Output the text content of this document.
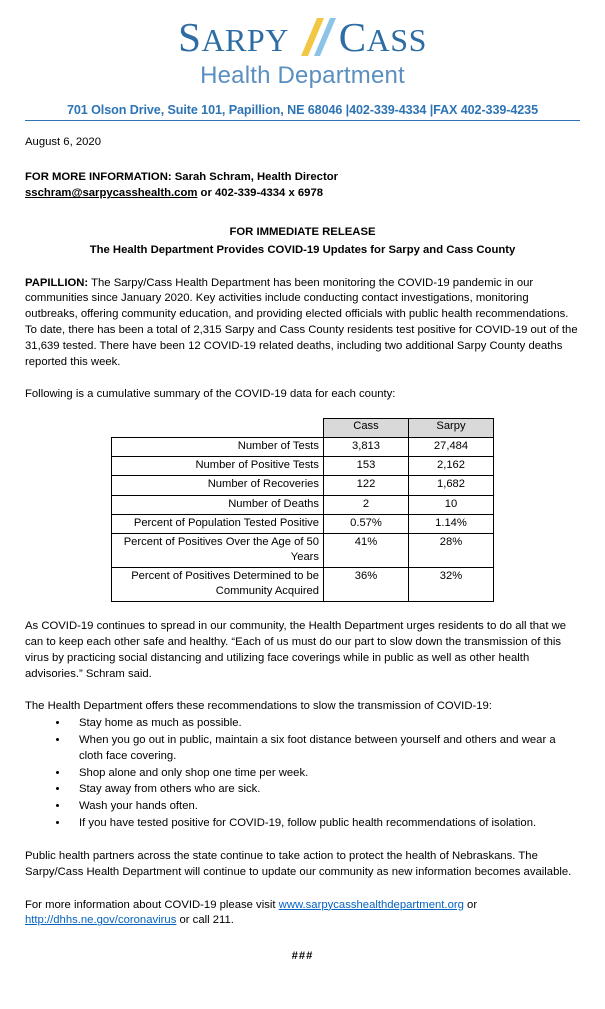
SARPY CASS
Health Department
701 Olson Drive, Suite 101, Papillion, NE 68046 |402-339-4334 |FAX 402-339-4235
August 6, 2020
FOR MORE INFORMATION: Sarah Schram, Health Director
sschram@sarpycasshealth.com or 402-339-4334 x 6978
FOR IMMEDIATE RELEASE
The Health Department Provides COVID-19 Updates for Sarpy and Cass County

PAPILLION: The Sarpy/Cass Health Department has been monitoring the COVID-19 pandemic in our communities since January 2020. Key activities include conducting contact investigations, monitoring outbreaks, offering community education, and providing elected officials with public health recommendations. To date, there has been a total of 2,315 Sarpy and Cass County residents test positive for COVID-19 out of the 31,639 tested. There have been 12 COVID-19 related deaths, including two additional Sarpy County deaths reported this week.

Following is a cumulative summary of the COVID-19 data for each county:

	Cass	Sarpy
Number of Tests	3,813	27,484
Number of Positive Tests	153	2,162
Number of Recoveries	122	1,682
Number of Deaths	2	10
Percent of Population Tested Positive	0.57%	1.14%
Percent of Positives Over the Age of 50 Years	41%	28%
Percent of Positives Determined to be Community Acquired	36%	32%

As COVID-19 continues to spread in our community, the Health Department urges residents to do all that we can to keep each other safe and healthy. “Each of us must do our part to slow down the transmission of this virus by practicing social distancing and utilizing face coverings while in public as well as other health advisories.” Schram said.

The Health Department offers these recommendations to slow the transmission of COVID-19:
• Stay home as much as possible.
• When you go out in public, maintain a six foot distance between yourself and others and wear a cloth face covering.
• Shop alone and only shop one time per week.
• Stay away from others who are sick.
• Wash your hands often.
• If you have tested positive for COVID-19, follow public health recommendations of isolation.

Public health partners across the state continue to take action to protect the health of Nebraskans. The Sarpy/Cass Health Department will continue to update our community as new information becomes available.

For more information about COVID-19 please visit www.sarpycasshealthdepartment.org or http://dhhs.ne.gov/coronavirus or call 211.

###
